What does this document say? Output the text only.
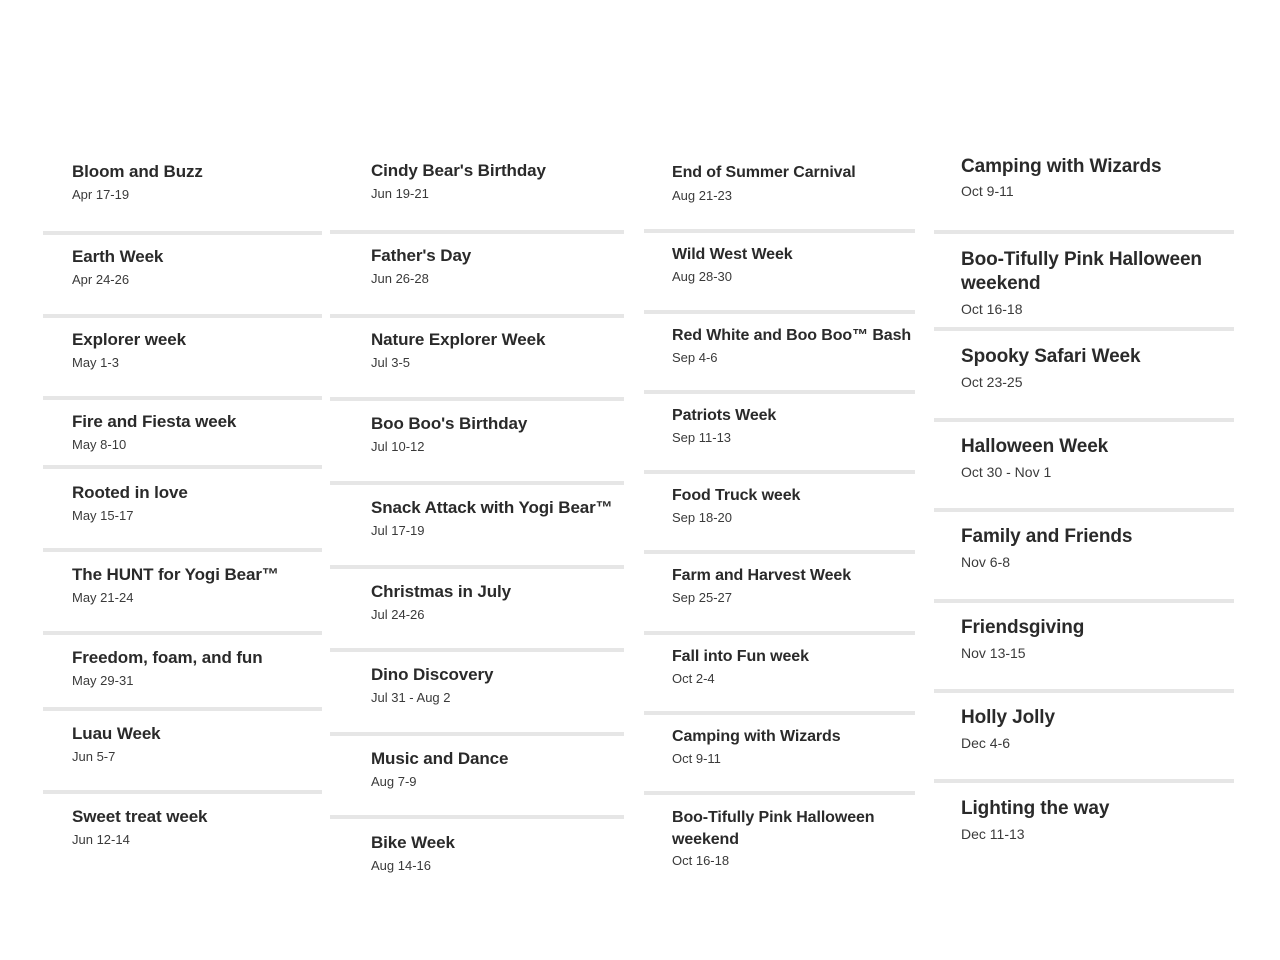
Bloom and Buzz
Apr 17-19
Earth Week
Apr 24-26
Explorer week
May 1-3
Fire and Fiesta week
May 8-10
Rooted in love
May 15-17
The HUNT for Yogi Bear™
May 21-24
Freedom, foam, and fun
May 29-31
Luau Week
Jun 5-7
Sweet treat week
Jun 12-14
Cindy Bear's Birthday
Jun 19-21
Father's Day
Jun 26-28
Nature Explorer Week
Jul 3-5
Boo Boo's Birthday
Jul 10-12
Snack Attack with Yogi Bear™
Jul 17-19
Christmas in July
Jul 24-26
Dino Discovery
Jul 31 - Aug 2
Music and Dance
Aug 7-9
Bike Week
Aug 14-16
End of Summer Carnival
Aug 21-23
Wild West Week
Aug 28-30
Red White and Boo Boo™ Bash
Sep 4-6
Patriots Week
Sep 11-13
Food Truck week
Sep 18-20
Farm and Harvest Week
Sep 25-27
Fall into Fun week
Oct 2-4
Camping with Wizards
Oct 9-11
Boo-Tifully Pink Halloween weekend
Oct 16-18
Camping with Wizards
Oct 9-11
Boo-Tifully Pink Halloween weekend
Oct 16-18
Spooky Safari Week
Oct 23-25
Halloween Week
Oct 30 - Nov 1
Family and Friends
Nov 6-8
Friendsgiving
Nov 13-15
Holly Jolly
Dec 4-6
Lighting the way
Dec 11-13
